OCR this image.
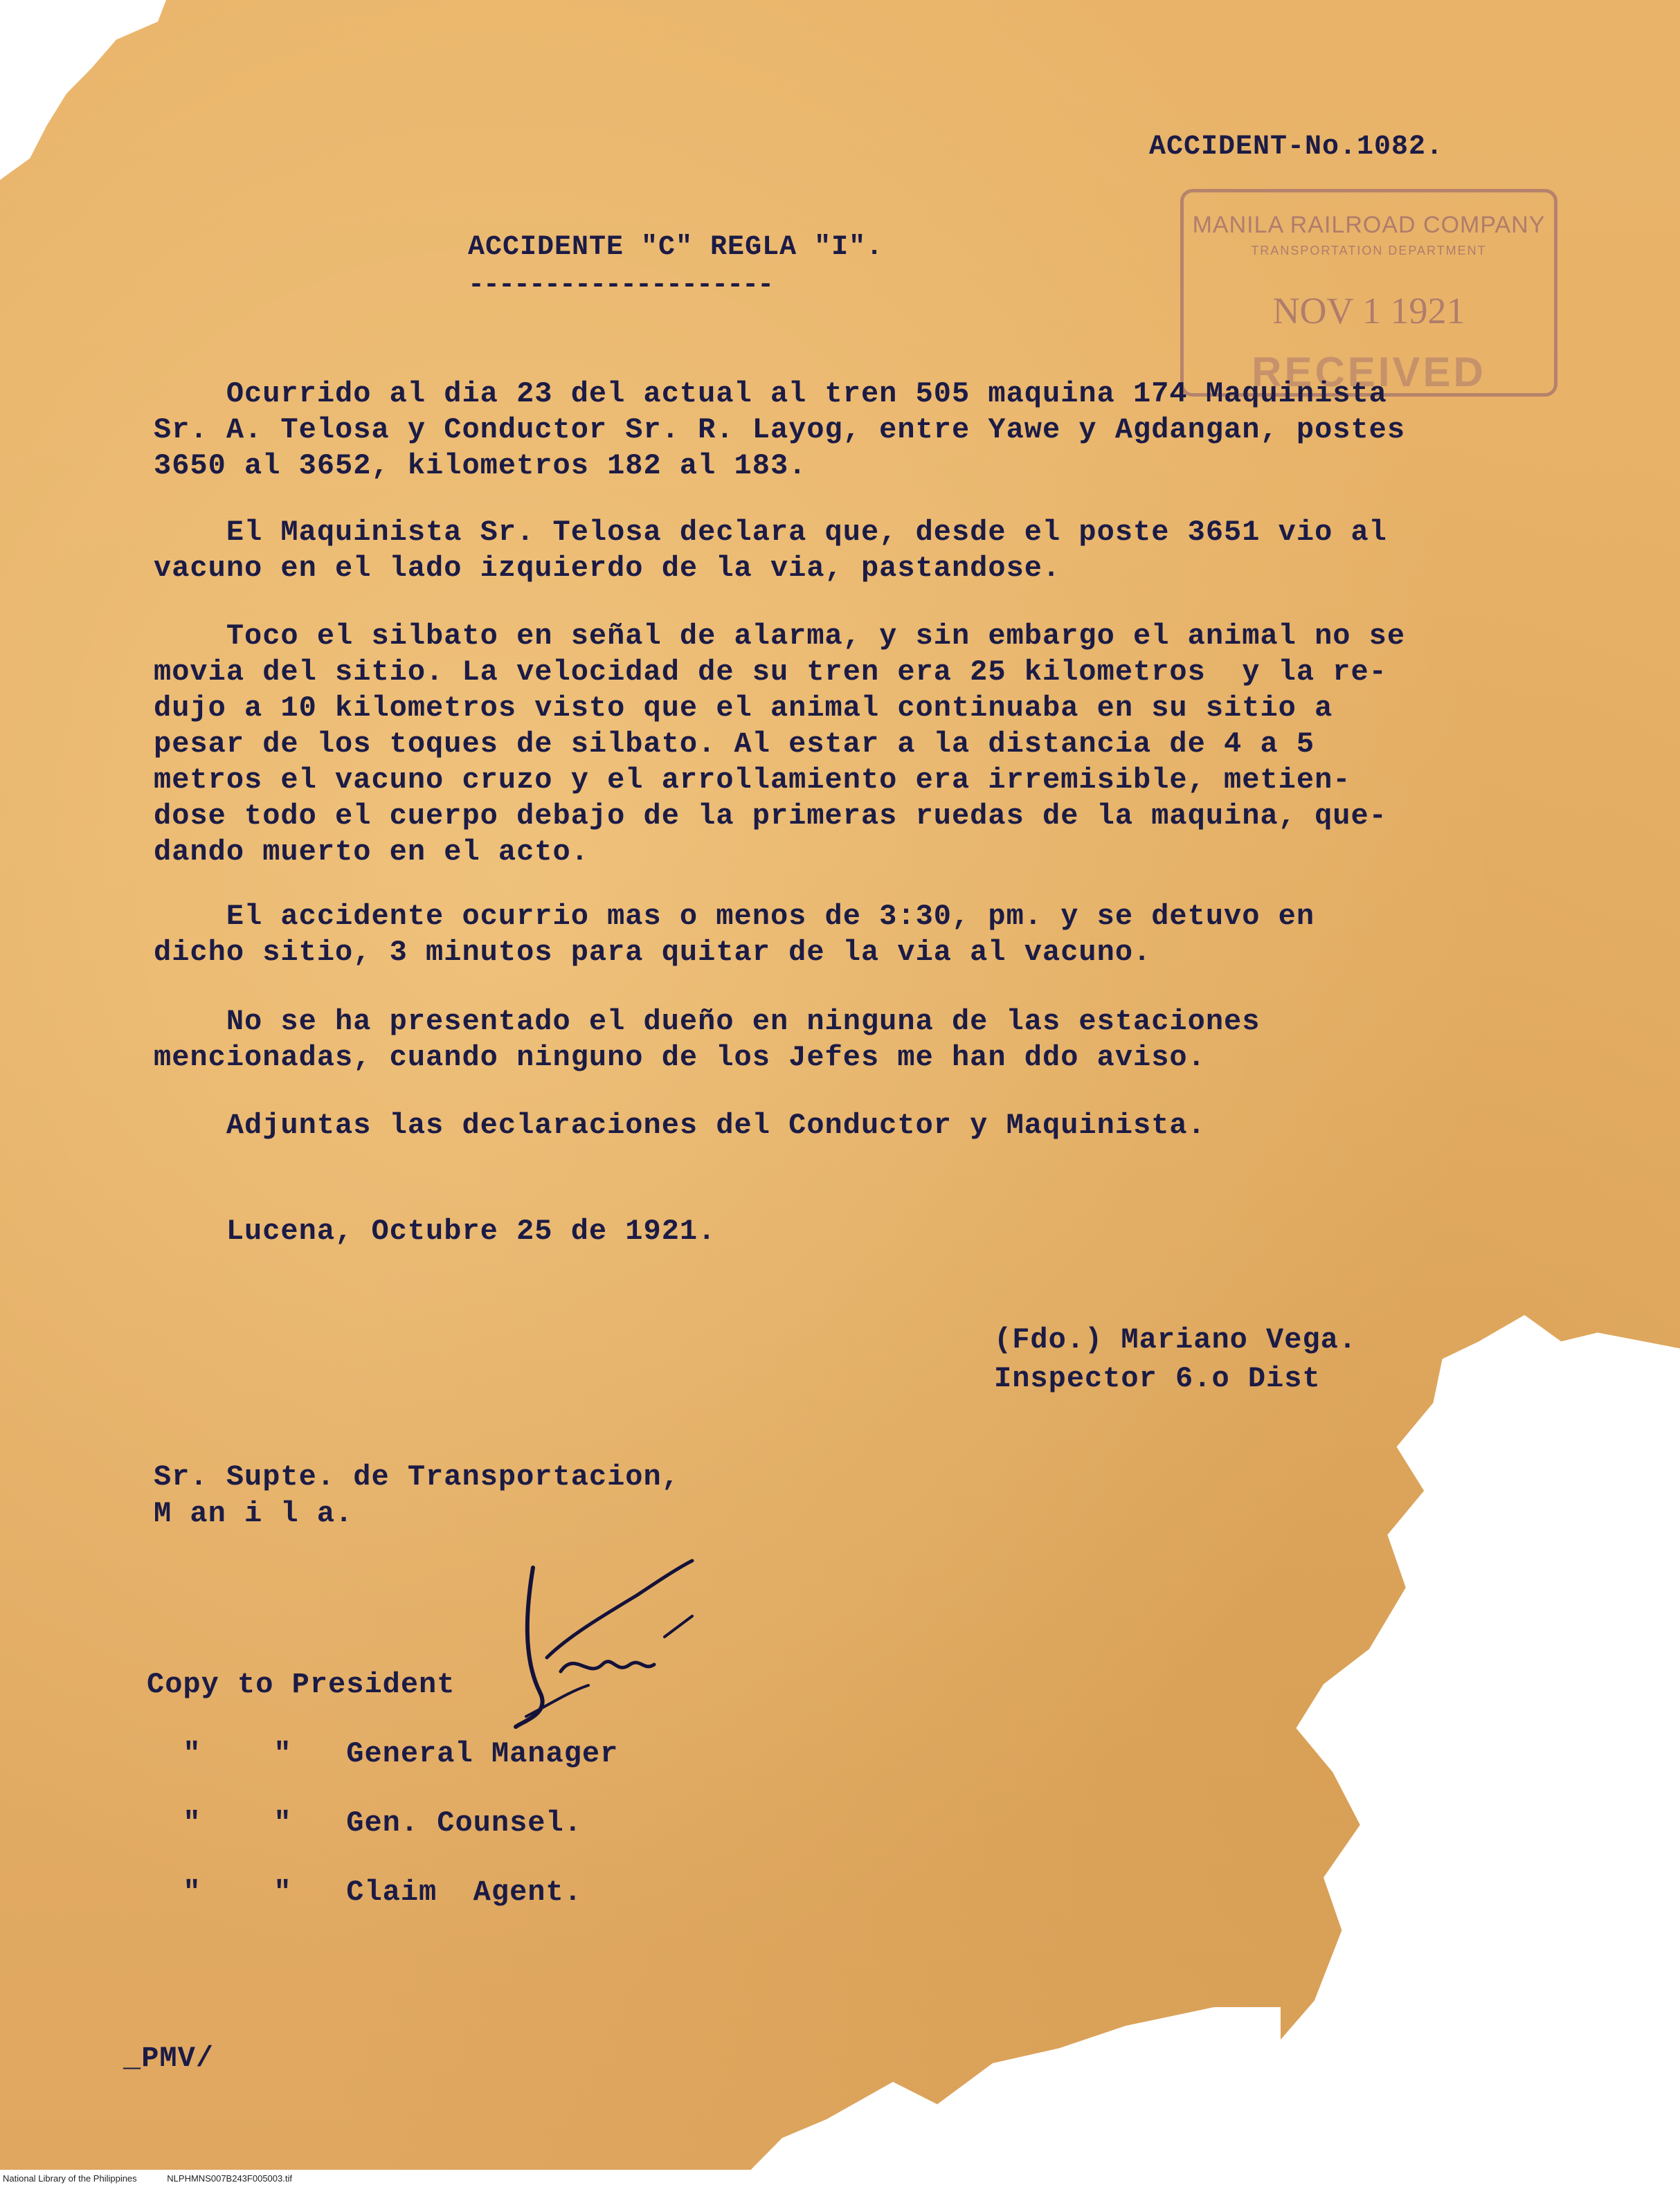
ACCIDENT-No.1082.
MANILA RAILROAD COMPANY
TRANSPORTATION DEPARTMENT
NOV 1 1921
RECEIVED
ACCIDENTE "C" REGLA "I".
--------------------
Ocurrido al dia 23 del actual al tren 505 maquina 174 Maquinista
Sr. A. Telosa y Conductor Sr. R. Layog, entre Yawe y Agdangan, postes
3650 al 3652, kilometros 182 al 183.
El Maquinista Sr. Telosa declara que, desde el poste 3651 vio al
vacuno en el lado izquierdo de la via, pastandose.
Toco el silbato en señal de alarma, y sin embargo el animal no se
movia del sitio. La velocidad de su tren era 25 kilometros  y la re-
dujo a 10 kilometros visto que el animal continuaba en su sitio a
pesar de los toques de silbato. Al estar a la distancia de 4 a 5
metros el vacuno cruzo y el arrollamiento era irremisible, metien-
dose todo el cuerpo debajo de la primeras ruedas de la maquina, que-
dando muerto en el acto.
El accidente ocurrio mas o menos de 3:30, pm. y se detuvo en
dicho sitio, 3 minutos para quitar de la via al vacuno.
No se ha presentado el dueño en ninguna de las estaciones
mencionadas, cuando ninguno de los Jefes me han ddo aviso.
Adjuntas las declaraciones del Conductor y Maquinista.
Lucena, Octubre 25 de 1921.
(Fdo.) Mariano Vega.
Inspector 6.o Dist
Sr. Supte. de Transportacion,
M an i l a.
Copy to President
"    "   General Manager
"    "   Gen. Counsel.
"    "   Claim  Agent.
_PMV/
National Library of the Philippines	NLPHMNS007B243F005003.tif
